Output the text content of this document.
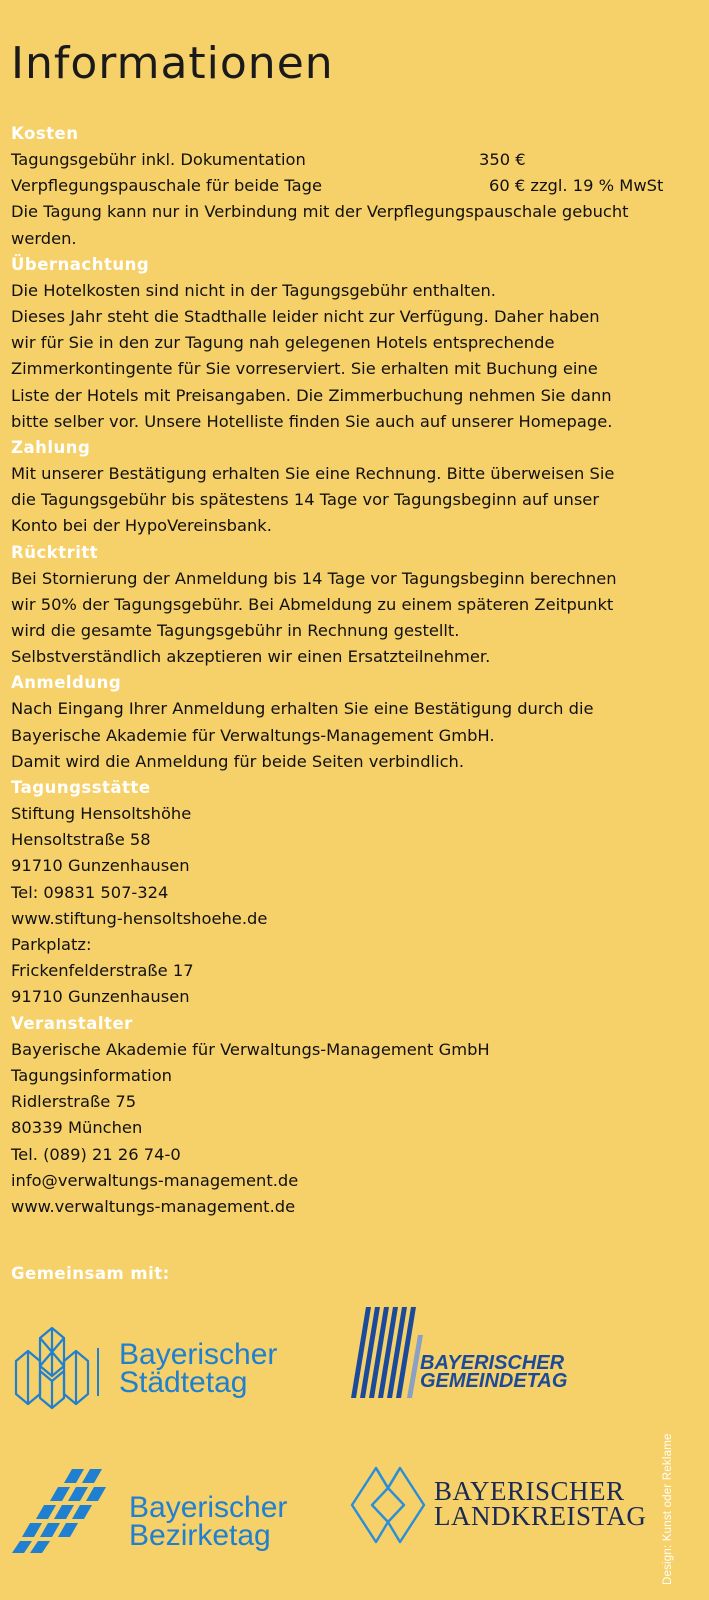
Informationen
Kosten
Tagungsgebühr inkl. Dokumentation	350 €
Verpflegungspauschale für beide Tage	60 € zzgl. 19 % MwSt
Die Tagung kann nur in Verbindung mit der Verpflegungspauschale gebucht
werden.
Übernachtung
Die Hotelkosten sind nicht in der Tagungsgebühr enthalten.
Dieses Jahr steht die Stadthalle leider nicht zur Verfügung. Daher haben
wir für Sie in den zur Tagung nah gelegenen Hotels entsprechende
Zimmerkontingente für Sie vorreserviert. Sie erhalten mit Buchung eine
Liste der Hotels mit Preisangaben. Die Zimmerbuchung nehmen Sie dann
bitte selber vor. Unsere Hotelliste finden Sie auch auf unserer Homepage.
Zahlung
Mit unserer Bestätigung erhalten Sie eine Rechnung. Bitte überweisen Sie
die Tagungsgebühr bis spätestens 14 Tage vor Tagungsbeginn auf unser
Konto bei der HypoVereinsbank.
Rücktritt
Bei Stornierung der Anmeldung bis 14 Tage vor Tagungsbeginn berechnen
wir 50% der Tagungsgebühr. Bei Abmeldung zu einem späteren Zeitpunkt
wird die gesamte Tagungsgebühr in Rechnung gestellt.
Selbstverständlich akzeptieren wir einen Ersatzteilnehmer.
Anmeldung
Nach Eingang Ihrer Anmeldung erhalten Sie eine Bestätigung durch die
Bayerische Akademie für Verwaltungs-Management GmbH.
Damit wird die Anmeldung für beide Seiten verbindlich.
Tagungsstätte
Stiftung Hensoltshöhe
Hensoltstraße 58
91710 Gunzenhausen
Tel: 09831 507-324
www.stiftung-hensoltshoehe.de
Parkplatz:
Frickenfelderstraße 17
91710 Gunzenhausen
Veranstalter
Bayerische Akademie für Verwaltungs-Management GmbH
Tagungsinformation
Ridlerstraße 75
80339 München
Tel. (089) 21 26 74-0
info@verwaltungs-management.de
www.verwaltungs-management.de
Gemeinsam mit:
Bayerischer
Städtetag
BAYERISCHER
GEMEINDETAG
Bayerischer
Bezirketag
BAYERISCHER
LANDKREISTAG Design: Kunst oder Reklame
